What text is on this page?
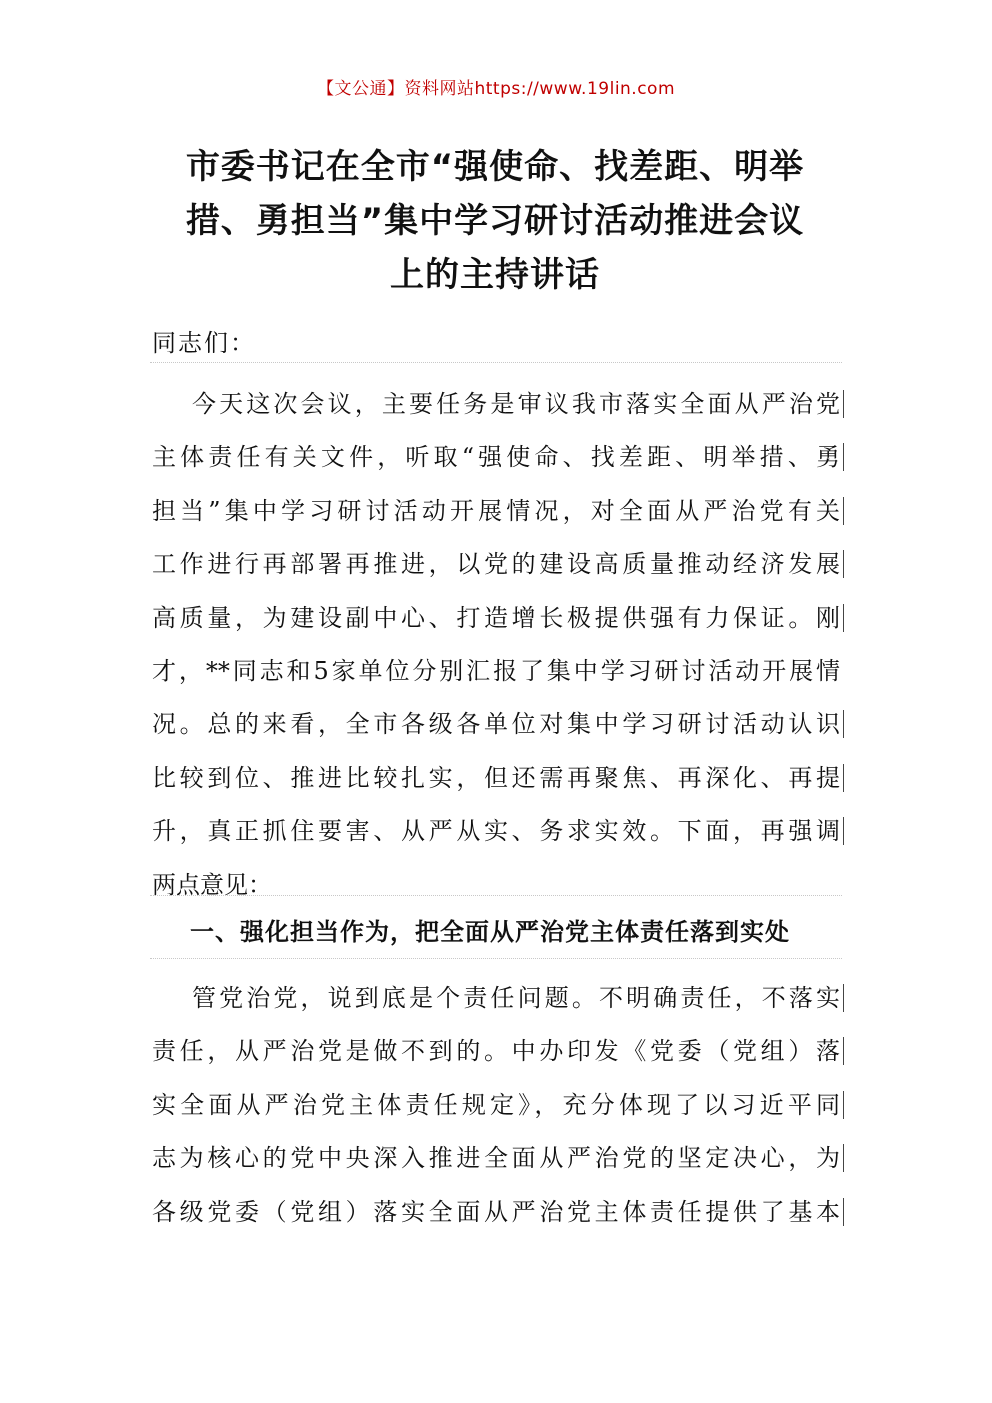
【文公通】资料网站https://www.19lin.com
市委书记在全市“强使命、找差距、明举
措、勇担当”集中学习研讨活动推进会议
上的主持讲话
同志们：
今天这次会议，主要任务是审议我市落实全面从严治党
主体责任有关文件，听取“强使命、找差距、明举措、勇
担当”集中学习研讨活动开展情况，对全面从严治党有关
工作进行再部署再推进，以党的建设高质量推动经济发展
高质量，为建设副中心、打造增长极提供强有力保证。刚
才，**同志和5家单位分别汇报了集中学习研讨活动开展情
况。总的来看，全市各级各单位对集中学习研讨活动认识
比较到位、推进比较扎实，但还需再聚焦、再深化、再提
升，真正抓住要害、从严从实、务求实效。下面，再强调
两点意见：
一、强化担当作为，把全面从严治党主体责任落到实处
管党治党，说到底是个责任问题。不明确责任，不落实
责任，从严治党是做不到的。中办印发《党委（党组）落
实全面从严治党主体责任规定》，充分体现了以习近平同
志为核心的党中央深入推进全面从严治党的坚定决心，为
各级党委（党组）落实全面从严治党主体责任提供了基本
